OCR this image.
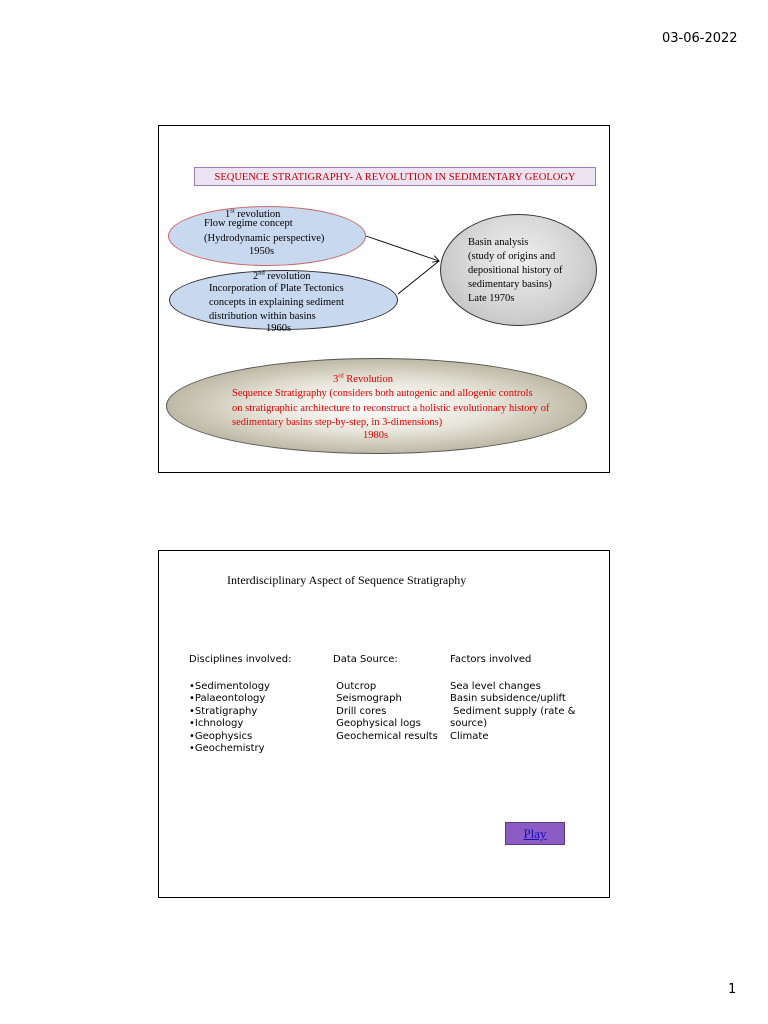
03-06-2022
SEQUENCE STRATIGRAPHY- A REVOLUTION IN SEDIMENTARY GEOLOGY
1st revolution
Flow regime concept
(Hydrodynamic perspective)
1950s
2nd revolution
Incorporation of Plate Tectonics
concepts in explaining sediment
distribution within basins
1960s
Basin analysis
(study of origins and
depositional history of
sedimentary basins)
Late 1970s
3rd Revolution
Sequence Stratigraphy (considers both autogenic and allogenic controls
on stratigraphic architecture to reconstruct a holistic evolutionary history of
sedimentary basins step-by-step, in 3-dimensions)
1980s
Interdisciplinary Aspect of Sequence Stratigraphy
Disciplines involved:
•Sedimentology
•Palaeontology
•Stratigraphy
•Ichnology
•Geophysics
•Geochemistry
Data Source:
Outcrop
Seismograph
Drill cores
Geophysical logs
Geochemical results
Factors involved
Sea level changes
Basin subsidence/uplift
Sediment supply (rate &
source)
Climate
Play
1
